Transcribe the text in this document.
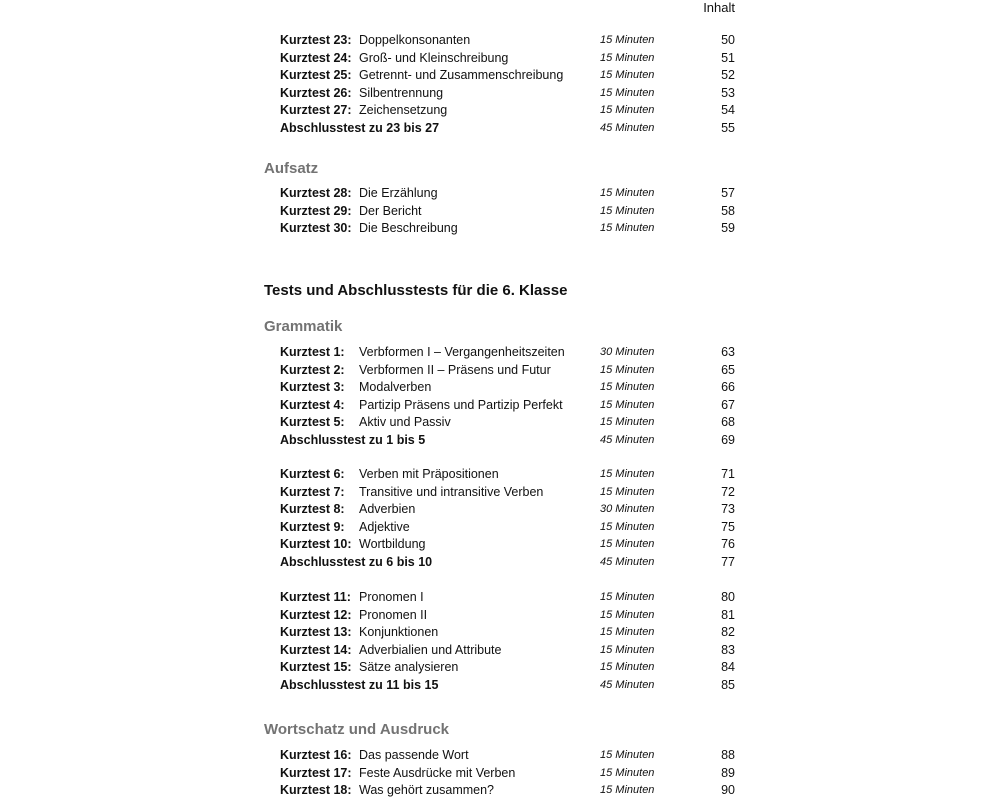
Inhalt
Kurztest 23: Doppelkonsonanten	15 Minuten	50
Kurztest 24: Groß- und Kleinschreibung	15 Minuten	51
Kurztest 25: Getrennt- und Zusammenschreibung	15 Minuten	52
Kurztest 26: Silbentrennung	15 Minuten	53
Kurztest 27: Zeichensetzung	15 Minuten	54
Abschlusstest zu 23 bis 27	45 Minuten	55
Aufsatz
Kurztest 28: Die Erzählung	15 Minuten	57
Kurztest 29: Der Bericht	15 Minuten	58
Kurztest 30: Die Beschreibung	15 Minuten	59
Tests und Abschlusstests für die 6. Klasse
Grammatik
Kurztest 1: Verbformen I – Vergangenheitszeiten	30 Minuten	63
Kurztest 2: Verbformen II – Präsens und Futur	15 Minuten	65
Kurztest 3: Modalverben	15 Minuten	66
Kurztest 4: Partizip Präsens und Partizip Perfekt	15 Minuten	67
Kurztest 5: Aktiv und Passiv	15 Minuten	68
Abschlusstest zu 1 bis 5	45 Minuten	69
Kurztest 6: Verben mit Präpositionen	15 Minuten	71
Kurztest 7: Transitive und intransitive Verben	15 Minuten	72
Kurztest 8: Adverbien	30 Minuten	73
Kurztest 9: Adjektive	15 Minuten	75
Kurztest 10: Wortbildung	15 Minuten	76
Abschlusstest zu 6 bis 10	45 Minuten	77
Kurztest 11: Pronomen I	15 Minuten	80
Kurztest 12: Pronomen II	15 Minuten	81
Kurztest 13: Konjunktionen	15 Minuten	82
Kurztest 14: Adverbialien und Attribute	15 Minuten	83
Kurztest 15: Sätze analysieren	15 Minuten	84
Abschlusstest zu 11 bis 15	45 Minuten	85
Wortschatz und Ausdruck
Kurztest 16: Das passende Wort	15 Minuten	88
Kurztest 17: Feste Ausdrücke mit Verben	15 Minuten	89
Kurztest 18: Was gehört zusammen?	15 Minuten	90
